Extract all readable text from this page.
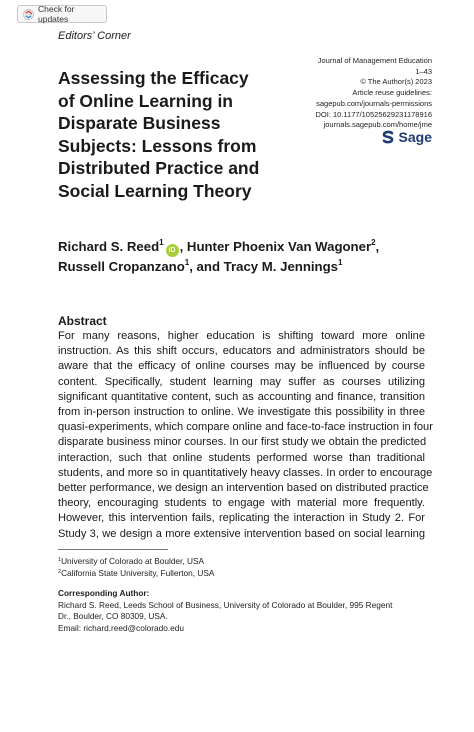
Check for updates
Editors’ Corner
Journal of Management Education
1–43
© The Author(s) 2023
Article reuse guidelines:
sagepub.com/journals-permissions
DOI: 10.1177/10525629231178916
journals.sagepub.com/home/jme
Sage
Assessing the Efficacy
of Online Learning in
Disparate Business
Subjects: Lessons from
Distributed Practice and
Social Learning Theory
Richard S. Reed$^1$iD , Hunter Phoenix Van Wagoner$^2$,
Russell Cropanzano$^1$, and Tracy M. Jennings$^1$
Abstract
For many reasons, higher education is shifting toward more online
instruction. As this shift occurs, educators and administrators should be
aware that the efficacy of online courses may be influenced by course
content. Specifically, student learning may suffer as courses utilizing
significant quantitative content, such as accounting and finance, transition
from in-person instruction to online. We investigate this possibility in three
quasi-experiments, which compare online and face-to-face instruction in four
disparate business minor courses. In our first study we obtain the predicted
interaction, such that online students performed worse than traditional
students, and more so in quantitatively heavy classes. In order to encourage
better performance, we design an intervention based on distributed practice
theory, encouraging students to engage with material more frequently.
However, this intervention fails, replicating the interaction in Study 2. For
Study 3, we design a more extensive intervention based on social learning
$^1$University of Colorado at Boulder, USA
$^2$California State University, Fullerton, USA
Corresponding Author:
Richard S. Reed, Leeds School of Business, University of Colorado at Boulder, 995 Regent
Dr., Boulder, CO 80309, USA.
Email: richard.reed@colorado.edu
